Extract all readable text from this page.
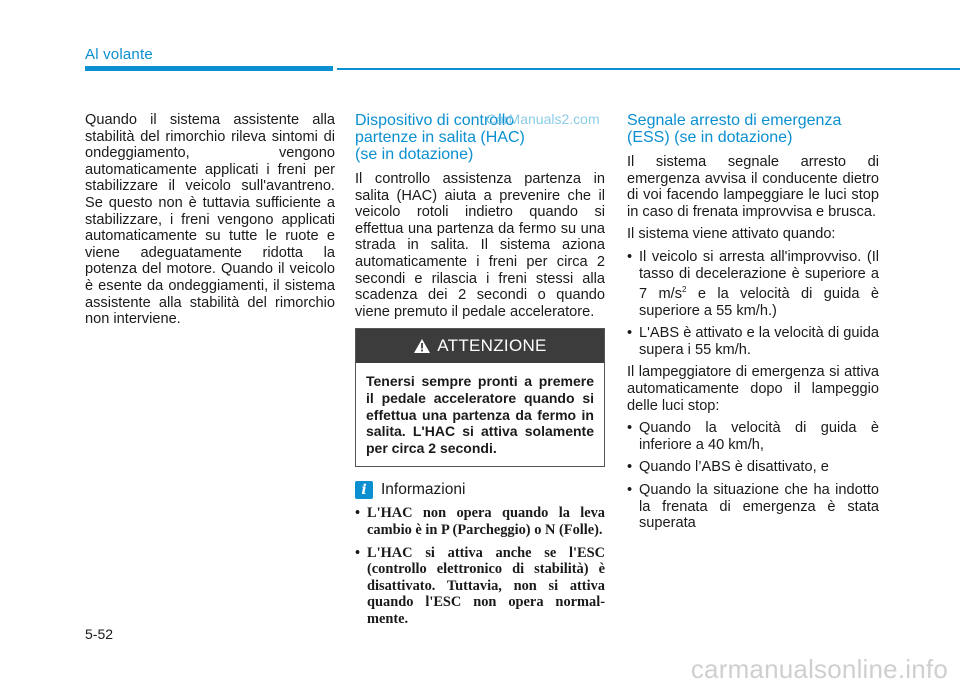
Al volante

Quando il sistema assistente alla stabilità del rimorchio rileva sintomi di ondeggiamento, vengono automaticamente applicati i freni per stabilizzare il veicolo sull'avantreno. Se questo non è tuttavia sufficiente a stabilizzare, i freni vengono applicati automaticamente su tutte le ruote e viene adeguatamente ridotta la potenza del motore. Quando il veicolo è esente da ondeggiamenti, il sistema assistente alla stabilità del rimorchio non interviene.

Dispositivo di controllo
partenze in salita (HAC)
(se in dotazione)

Il controllo assistenza partenza in salita (HAC) aiuta a prevenire che il veicolo rotoli indietro quando si effettua una partenza da fermo su una strada in salita. Il sistema aziona automaticamente i freni per circa 2 secondi e rilascia i freni stessi alla scadenza dei 2 secondi o quando viene premuto il pedale acceleratore.

ATTENZIONE
Tenersi sempre pronti a premere il pedale acceleratore quando si effettua una partenza da fermo in salita. L'HAC si attiva solamente per circa 2 secondi.
i Informazioni
• L'HAC non opera quando la leva cambio è in P (Parcheggio) o N (Folle).
• L'HAC si attiva anche se l'ESC (controllo elettronico di stabilità) è disattivato. Tuttavia, non si attiva quando l'ESC non opera normal-mente.
Segnale arresto di emergenza
(ESS) (se in dotazione)

Il sistema segnale arresto di emergenza avvisa il conducente dietro di voi facendo lampeggiare le luci stop in caso di frenata improvvisa e brusca.

Il sistema viene attivato quando:

• Il veicolo si arresta all'improvviso. (Il tasso di decelerazione è superiore a 7 $m/s^2$ e la velocità di guida è superiore a 55 km/h.)
• L'ABS è attivato e la velocità di guida supera i 55 km/h.

Il lampeggiatore di emergenza si attiva automaticamente dopo il lampeggio delle luci stop:

• Quando la velocità di guida è inferiore a 40 km/h,
• Quando l’ABS è disattivato, e
• Quando la situazione che ha indotto la frenata di emergenza è stata superata
CarManuals2.com
5-52
carmanualsonline.info
